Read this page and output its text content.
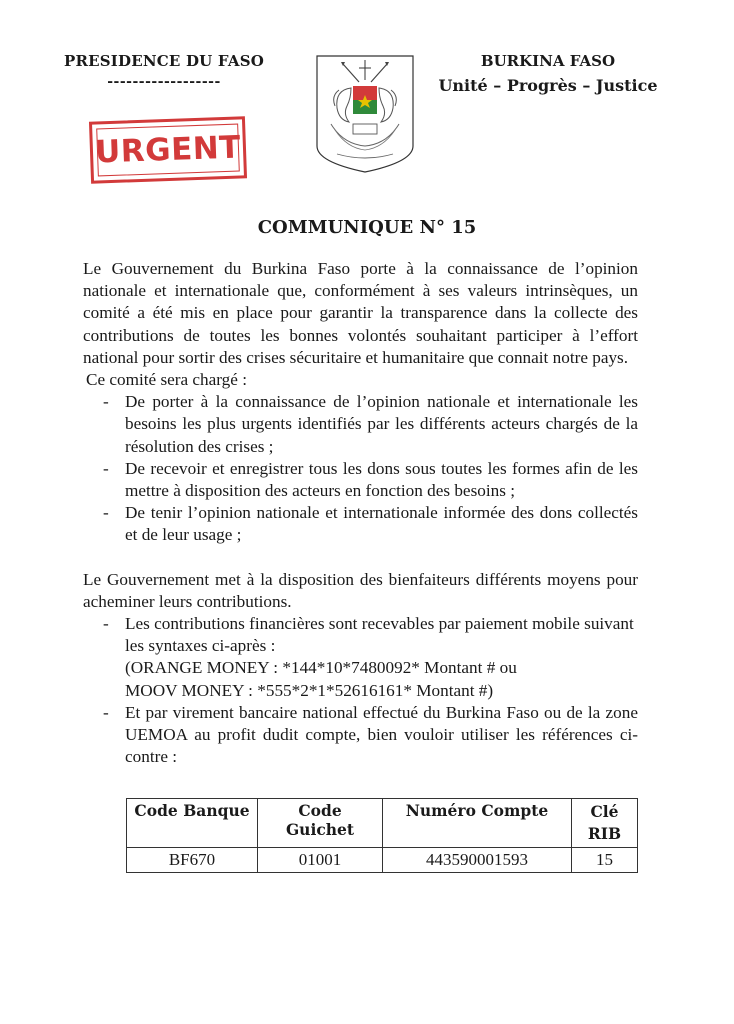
PRESIDENCE DU FASO
------------------
BURKINA FASO
Unité – Progrès – Justice
URGENT
COMMUNIQUE N° 15

Le Gouvernement du Burkina Faso porte à la connaissance de l’opinion nationale et internationale que, conformément à ses valeurs intrinsèques, un comité a été mis en place pour garantir la transparence dans la collecte des contributions de toutes les bonnes volontés souhaitant participer à l’effort national pour sortir des crises sécuritaire et humanitaire que connait notre pays.

Ce comité sera chargé :

- De porter à la connaissance de l’opinion nationale et internationale les besoins les plus urgents identifiés par les différents acteurs chargés de la résolution des crises ;
- De recevoir et enregistrer tous les dons sous toutes les formes afin de les mettre à disposition des acteurs en fonction des besoins ;
- De tenir l’opinion nationale et internationale informée des dons collectés et de leur usage ;

Le Gouvernement met à la disposition des bienfaiteurs différents moyens pour acheminer leurs contributions.

- Les contributions financières sont recevables par paiement mobile suivant les syntaxes ci-après :
(ORANGE MONEY : *144*10*7480092* Montant # ou
MOOV MONEY : *555*2*1*52616161* Montant #)
- Et par virement bancaire national effectué du Burkina Faso ou de la zone UEMOA au profit dudit compte, bien vouloir utiliser les références ci-contre :
Code Banque	Code Guichet	Numéro Compte	Clé RIB
BF670	01001	443590001593	15
